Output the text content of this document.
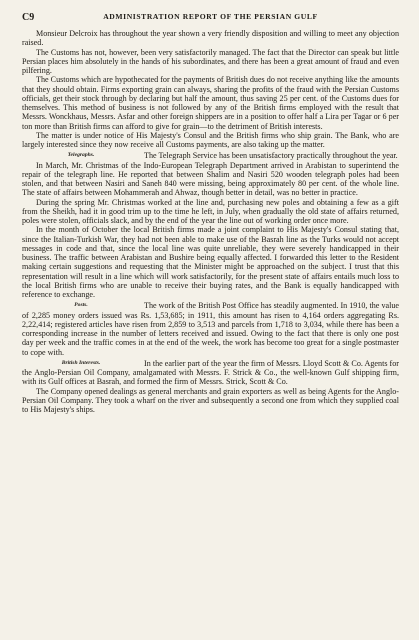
C9	ADMINISTRATION REPORT OF THE PERSIAN GULF

Monsieur Delcroix has throughout the year shown a very friendly disposition and willing to meet any objection raised.

The Customs has not, however, been very satisfactorily managed. The fact that the Director can speak but little Persian places him absolutely in the hands of his subordinates, and there has been a great amount of fraud and even pilfering.

The Customs which are hypothecated for the payments of British dues do not receive anything like the amounts that they should obtain. Firms exporting grain can always, sharing the profits of the fraud with the Persian Customs officials, get their stock through by declaring but half the amount, thus saving 25 per cent. of the Customs dues for themselves. This method of business is not followed by any of the British firms employed with the result that Messrs. Wonckhaus, Messrs. Asfar and other foreign shippers are in a position to offer half a Lira per Tagar or 6 per ton more than British firms can afford to give for grain—to the detriment of British interests.

The matter is under notice of His Majesty's Consul and the British firms who ship grain. The Bank, who are largely interested since they now receive all Customs payments, are also taking up the matter.

Telegraphs.	The Telegraph Service has been unsatisfactory practically throughout the year.

In March, Mr. Christmas of the Indo-European Telegraph Department arrived in Arabistan to superintend the repair of the telegraph line. He reported that between Shalim and Nasiri 520 wooden telegraph poles had been stolen, and that between Nasiri and Saneh 840 were missing, being approximately 80 per cent. of the whole line. The state of affairs between Mohammerah and Ahwaz, though better in detail, was no better in practice.

During the spring Mr. Christmas worked at the line and, purchasing new poles and obtaining a few as a gift from the Sheikh, had it in good trim up to the time he left, in July, when gradually the old state of affairs returned, poles were stolen, officials slack, and by the end of the year the line out of working order once more.

In the month of October the local British firms made a joint complaint to His Majesty's Consul stating that, since the Italian-Turkish War, they had not been able to make use of the Basrah line as the Turks would not accept messages in code and that, since the local line was quite unreliable, they were severely handicapped in their business. The traffic between Arabistan and Bushire being equally affected. I forwarded this letter to the Resident making certain suggestions and requesting that the Minister might be approached on the subject. I trust that this representation will result in a line which will work satisfactorily, for the present state of affairs entails much loss to the local British firms who are unable to receive their buying rates, and the Bank is equally handicapped with reference to exchange.

Posts.	The work of the British Post Office has steadily augmented. In 1910, the value of 2,285 money orders issued was Rs. 1,53,685; in 1911, this amount has risen to 4,164 orders aggregating Rs. 2,22,414; registered articles have risen from 2,859 to 3,513 and parcels from 1,718 to 3,034, while there has been a corresponding increase in the number of letters received and issued. Owing to the fact that there is only one post day per week and the traffic comes in at the end of the week, the work has become too great for a single postmaster to cope with.

British Interests.	In the earlier part of the year the firm of Messrs. Lloyd Scott & Co. Agents for the Anglo-Persian Oil Company, amalgamated with Messrs. F. Strick & Co., the well-known Gulf shipping firm, with its Gulf offices at Basrah, and formed the firm of Messrs. Strick, Scott & Co.

The Company opened dealings as general merchants and grain exporters as well as being Agents for the Anglo-Persian Oil Company. They took a wharf on the river and subsequently a second one from which they supplied coal to His Majesty's ships.
